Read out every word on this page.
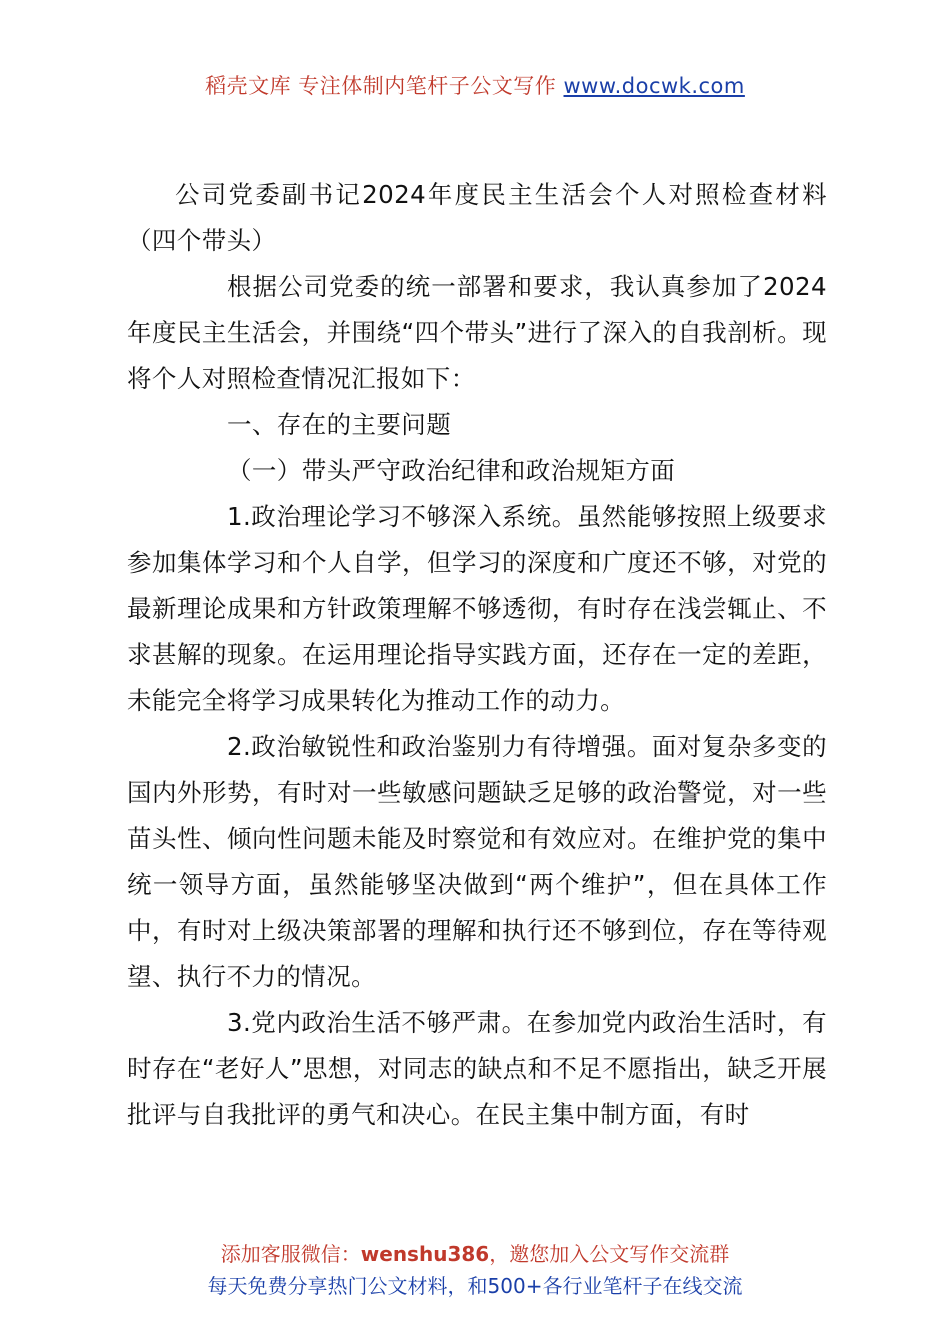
稻壳文库 专注体制内笔杆子公文写作 www.docwk.com

公司党委副书记2024年度民主生活会个人对照检查材料（四个带头）

根据公司党委的统一部署和要求，我认真参加了2024年度民主生活会，并围绕“四个带头”进行了深入的自我剖析。现将个人对照检查情况汇报如下：

一、存在的主要问题

（一）带头严守政治纪律和政治规矩方面

1.政治理论学习不够深入系统。虽然能够按照上级要求参加集体学习和个人自学，但学习的深度和广度还不够，对党的最新理论成果和方针政策理解不够透彻，有时存在浅尝辄止、不求甚解的现象。在运用理论指导实践方面，还存在一定的差距，未能完全将学习成果转化为推动工作的动力。

2.政治敏锐性和政治鉴别力有待增强。面对复杂多变的国内外形势，有时对一些敏感问题缺乏足够的政治警觉，对一些苗头性、倾向性问题未能及时察觉和有效应对。在维护党的集中统一领导方面，虽然能够坚决做到“两个维护”，但在具体工作中，有时对上级决策部署的理解和执行还不够到位，存在等待观望、执行不力的情况。

3.党内政治生活不够严肃。在参加党内政治生活时，有时存在“老好人”思想，对同志的缺点和不足不愿指出，缺乏开展批评与自我批评的勇气和决心。在民主集中制方面，有时

添加客服微信：wenshu386，邀您加入公文写作交流群
每天免费分享热门公文材料，和500+各行业笔杆子在线交流
